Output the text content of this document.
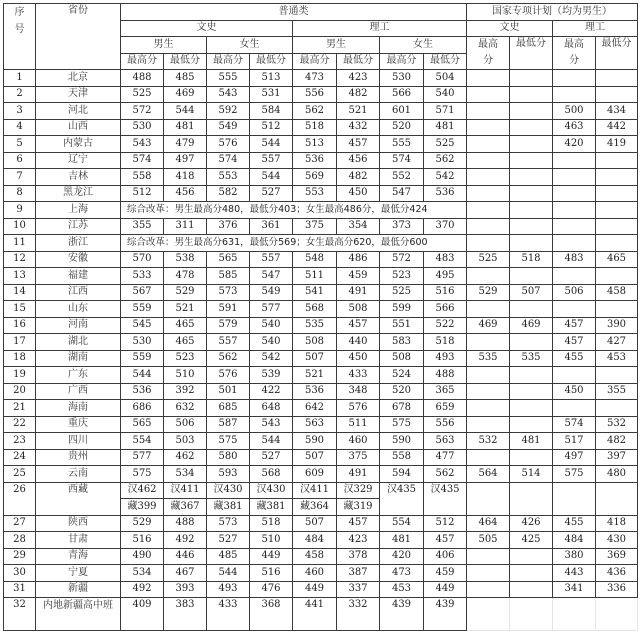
序号	省份	普通类								国家专项计划（均为男生）			
		文史				理工				文史		理工	
		男生		女生		男生		女生		最高分	最低分	最高分	最低分
		最高分	最低分	最高分	最低分	最高分	最低分	最高分	最低分				
1	北京	488	485	555	513	473	423	530	504				
2	天津	525	469	543	531	556	482	566	540				
3	河北	572	544	592	584	562	521	601	571			500	434
4	山西	530	481	549	512	518	432	520	481			463	442
5	内蒙古	543	479	576	544	513	457	555	525			420	419
6	辽宁	574	497	574	557	536	456	574	562				
7	吉林	558	418	553	544	569	482	552	542				
8	黑龙江	512	456	582	527	553	450	547	536				
9	上海	综合改革：男生最高分480，最低分403；女生最高486分，最低分424											
10	江苏	355	311	376	361	375	354	373	370				
11	浙江	综合改革：男生最高分631，最低分569；女生最高分620，最低分600											
12	安徽	570	538	565	557	548	486	572	483	525	518	483	465
13	福建	533	478	585	547	511	459	523	495				
14	江西	567	529	573	549	541	491	525	516	529	507	506	458
15	山东	559	521	591	577	568	508	599	566				
16	河南	545	465	579	540	535	457	551	522	469	469	457	390
17	湖北	530	465	557	540	508	440	583	518			457	427
18	湖南	559	523	562	542	507	450	508	493	535	535	455	453
19	广东	544	510	576	539	521	433	524	488				
20	广西	536	392	501	422	536	348	520	365			450	355
21	海南	686	632	685	648	642	576	678	659				
22	重庆	565	506	587	543	563	511	575	556			574	532
23	四川	554	503	575	544	590	460	590	563	532	481	517	482
24	贵州	577	462	580	527	507	375	558	477			497	397
25	云南	575	534	593	568	609	491	594	562	564	514	575	480
26	西藏	汉462	汉411	汉430	汉430	汉411	汉329	汉435	汉435				
		藏399	藏367	藏381	藏381	藏364	藏319						
27	陕西	529	488	573	518	507	457	554	512	464	426	455	418
28	甘肃	516	492	527	510	484	423	481	457	505	425	484	430
29	青海	490	446	485	449	458	378	420	406			380	369
30	宁夏	534	467	544	516	460	387	473	459			443	436
31	新疆	492	393	493	476	449	337	453	449			341	336
32	内地新疆高中班	409	383	433	368	441	332	439	439				
